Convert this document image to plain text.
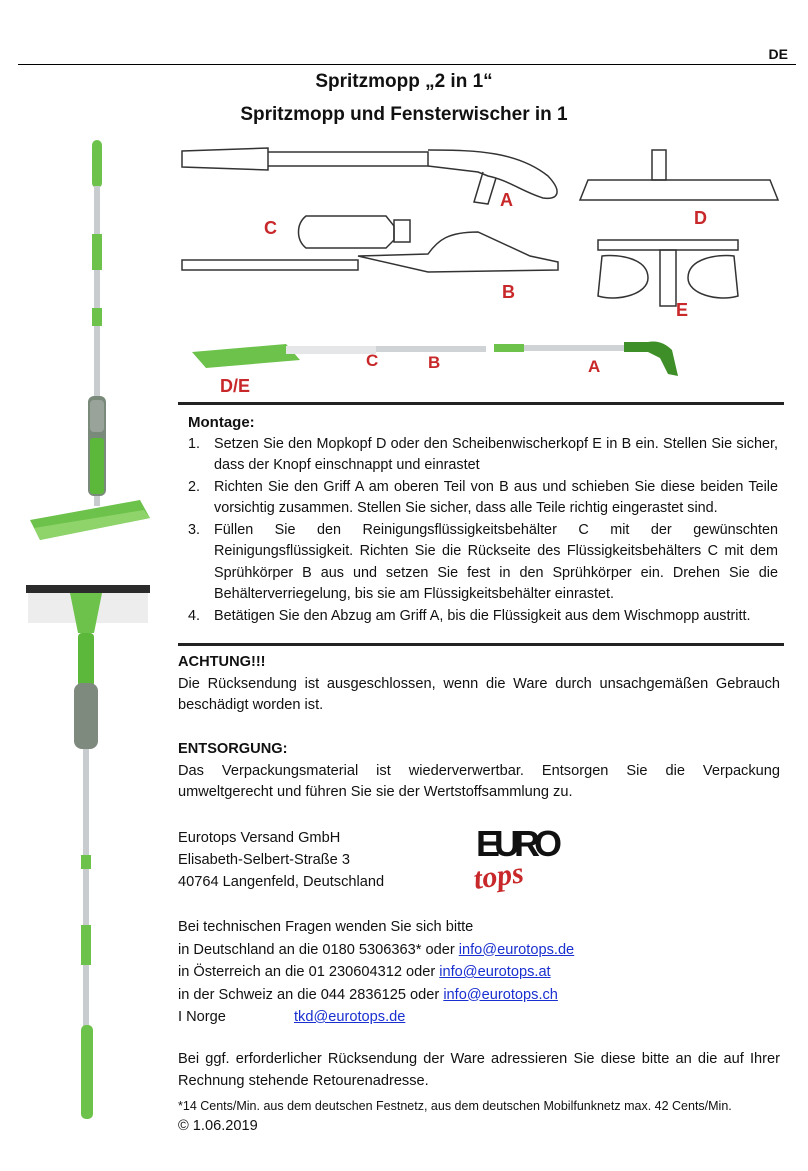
DE
Spritzmopp „2 in 1“
Spritzmopp und Fensterwischer in 1
A
B
C	D
E
D/E
C	B	A
Montage:
1. Setzen Sie den Mopkopf D oder den Scheibenwischerkopf E in B ein. Stellen Sie sicher, dass der Knopf einschnappt und einrastet
2. Richten Sie den Griff A am oberen Teil von B aus und schieben Sie diese beiden Teile vorsichtig zusammen. Stellen Sie sicher, dass alle Teile richtig eingerastet sind.
3. Füllen Sie den Reinigungsflüssigkeitsbehälter C mit der gewünschten Reinigungsflüssigkeit. Richten Sie die Rückseite des Flüssigkeitsbehälters C mit dem Sprühkörper B aus und setzen Sie fest in den Sprühkörper ein. Drehen Sie die Behälterverriegelung, bis sie am Flüssigkeitsbehälter einrastet.
4. Betätigen Sie den Abzug am Griff A, bis die Flüssigkeit aus dem Wischmopp austritt.
ACHTUNG!!!
Die Rücksendung ist ausgeschlossen, wenn die Ware durch unsachgemäßen Gebrauch beschädigt worden ist.
ENTSORGUNG:
Das Verpackungsmaterial ist wiederverwertbar. Entsorgen Sie die Verpackung umweltgerecht und führen Sie sie der Wertstoffsammlung zu.
Eurotops Versand GmbH
Elisabeth-Selbert-Straße 3
40764 Langenfeld, Deutschland
EURO
tops
Bei technischen Fragen wenden Sie sich bitte
in Deutschland an die 0180 5306363* oder info@eurotops.de
in Österreich an die 01 230604312 oder info@eurotops.at
in der Schweiz an die 044 2836125 oder info@eurotops.ch
I Norge	tkd@eurotops.de
Bei ggf. erforderlicher Rücksendung der Ware adressieren Sie diese bitte an die auf Ihrer Rechnung stehende Retourenadresse.
*14 Cents/Min. aus dem deutschen Festnetz, aus dem deutschen Mobilfunknetz max. 42 Cents/Min.
© 1.06.2019
